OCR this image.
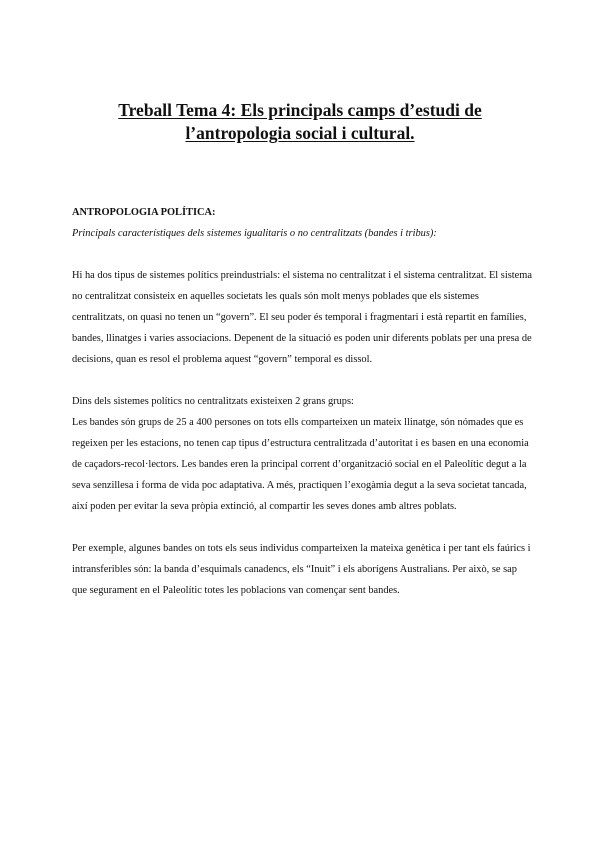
Treball Tema 4: Els principals camps d’estudi de
l’antropologia social i cultural.

ANTROPOLOGIA POLÍTICA:

Principals característiques dels sistemes igualitaris o no centralitzats (bandes i tribus):

Hi ha dos tipus de sistemes polítics preindustrials: el sistema no centralitzat i el sistema centralitzat. El sistema no centralitzat consisteix en aquelles societats les quals són molt menys poblades que els sistemes centralitzats, on quasi no tenen un “govern”. El seu poder és temporal i fragmentari i està repartit en famílies, bandes, llinatges i varies associacions. Depenent de la situació es poden unir diferents poblats per una presa de decisions, quan es resol el problema aquest “govern” temporal es dissol.

Dins dels sistemes polítics no centralitzats existeixen 2 grans grups:

Les bandes són grups de 25 a 400 persones on tots ells comparteixen un mateix llinatge, són nómades que es regeixen per les estacions, no tenen cap tipus d’estructura centralitzada d’autoritat i es basen en una economia de caçadors-recol·lectors. Les bandes eren la principal corrent d’organització social en el Paleolític degut a la seva senzillesa i forma de vida poc adaptativa. A més, practiquen l’exogàmia degut a la seva societat tancada, així poden per evitar la seva pròpia extinció, al compartir les seves dones amb altres poblats.

Per exemple, algunes bandes on tots els seus individus comparteixen la mateixa genètica i per tant els faúrics i intransferibles són: la banda d’esquimals canadencs, els “Inuit” i els aborígens Australians. Per això, se sap que segurament en el Paleolític totes les poblacions van començar sent bandes.
